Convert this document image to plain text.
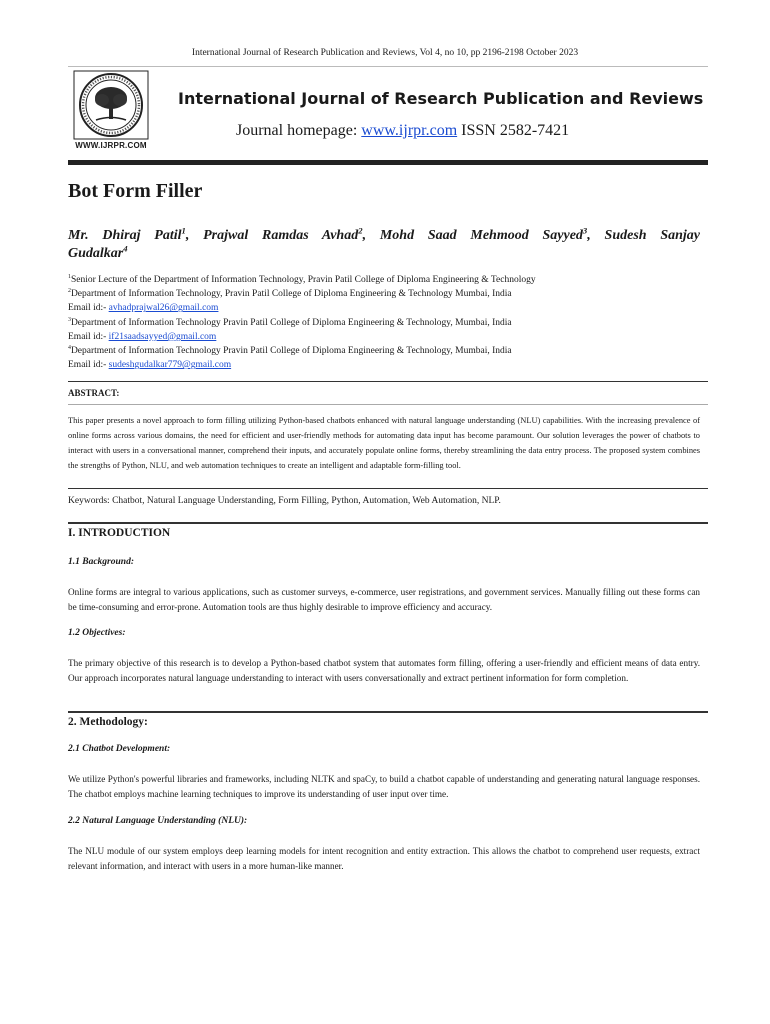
International Journal of Research Publication and Reviews, Vol 4, no 10, pp 2196-2198 October 2023
WWW.IJRPR.COM
International Journal of Research Publication and Reviews
Journal homepage: www.ijrpr.com ISSN 2582-7421
Bot Form Filler
Mr. Dhiraj Patil$^1$, Prajwal Ramdas Avhad$^2$, Mohd Saad Mehmood Sayyed$^3$, Sudesh Sanjay
Gudalkar$^4$
$^1$Senior Lecture of the Department of Information Technology, Pravin Patil College of Diploma Engineering & Technology
$^2$Department of Information Technology, Pravin Patil College of Diploma Engineering & Technology Mumbai, India
Email id:- avhadprajwal26@gmail.com
$^3$Department of Information Technology Pravin Patil College of Diploma Engineering & Technology, Mumbai, India
Email id:- if21saadsayyed@gmail.com
$^4$Department of Information Technology Pravin Patil College of Diploma Engineering & Technology, Mumbai, India
Email id:- sudeshgudalkar779@gmail.com
ABSTRACT:
This paper presents a novel approach to form filling utilizing Python-based chatbots enhanced with natural language understanding (NLU) capabilities. With the increasing prevalence of online forms across various domains, the need for efficient and user-friendly methods for automating data input has become paramount. Our solution leverages the power of chatbots to interact with users in a conversational manner, comprehend their inputs, and accurately populate online forms, thereby streamlining the data entry process. The proposed system combines the strengths of Python, NLU, and web automation techniques to create an intelligent and adaptable form-filling tool.
Keywords: Chatbot, Natural Language Understanding, Form Filling, Python, Automation, Web Automation, NLP.
I. INTRODUCTION
1.1 Background:
Online forms are integral to various applications, such as customer surveys, e-commerce, user registrations, and government services. Manually filling out these forms can be time-consuming and error-prone. Automation tools are thus highly desirable to improve efficiency and accuracy.
1.2 Objectives:
The primary objective of this research is to develop a Python-based chatbot system that automates form filling, offering a user-friendly and efficient means of data entry. Our approach incorporates natural language understanding to interact with users conversationally and extract pertinent information for form completion.
2. Methodology:
2.1 Chatbot Development:
We utilize Python's powerful libraries and frameworks, including NLTK and spaCy, to build a chatbot capable of understanding and generating natural language responses. The chatbot employs machine learning techniques to improve its understanding of user input over time.
2.2 Natural Language Understanding (NLU):
The NLU module of our system employs deep learning models for intent recognition and entity extraction. This allows the chatbot to comprehend user requests, extract relevant information, and interact with users in a more human-like manner.
